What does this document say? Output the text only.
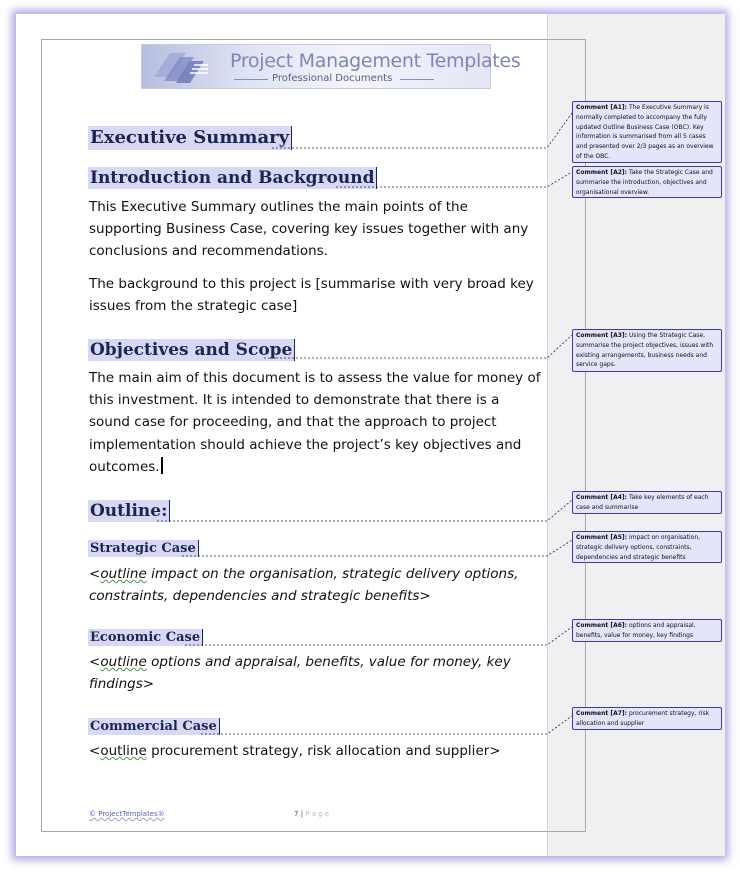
Project Management Templates
Professional Documents
Executive Summary
Introduction and Background

This Executive Summary outlines the main points of the supporting Business Case, covering key issues together with any conclusions and recommendations.

The background to this project is [summarise with very broad key issues from the strategic case]

Objectives and Scope

The main aim of this document is to assess the value for money of this investment. It is intended to demonstrate that there is a sound case for proceeding, and that the approach to project implementation should achieve the project’s key objectives and outcomes.

Outline:
Strategic Case

<outline impact on the organisation, strategic delivery options, constraints, dependencies and strategic benefits>

Economic Case

<outline options and appraisal, benefits, value for money, key findings>

Commercial Case

<outline procurement strategy, risk allocation and supplier>

© ProjectTemplates®	7 | P a g e
Comment [A1]: The Executive Summary is normally completed to accompany the fully updated Outline Business Case (OBC). Key information is summarised from all 5 cases and presented over 2/3 pages as an overview of the OBC.
Comment [A2]: Take the Strategic Case and summarise the introduction, objectives and organisational overview.
Comment [A3]: Using the Strategic Case, summarise the project objectives, issues with existing arrangements, business needs and service gaps.
Comment [A4]: Take key elements of each case and summarise
Comment [A5]: impact on organisation, strategic delivery options, constraints, dependencies and strategic benefits
Comment [A6]: options and appraisal, benefits, value for money, key findings
Comment [A7]: procurement strategy, risk allocation and supplier
